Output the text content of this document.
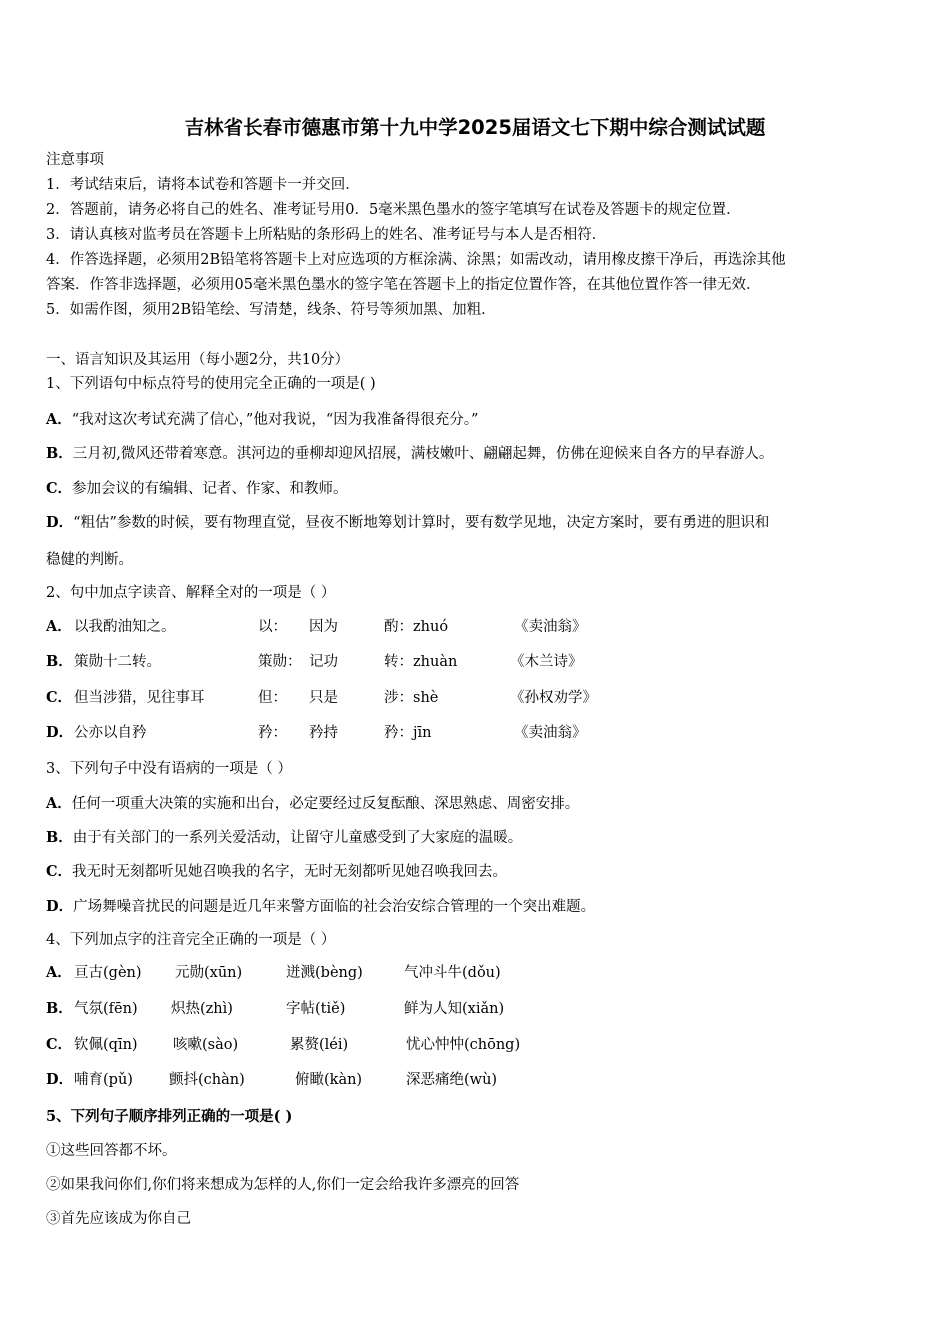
吉林省长春市德惠市第十九中学2025届语文七下期中综合测试试题
注意事项
1．考试结束后，请将本试卷和答题卡一并交回．
2．答题前，请务必将自己的姓名、准考证号用0．5毫米黑色墨水的签字笔填写在试卷及答题卡的规定位置．
3．请认真核对监考员在答题卡上所粘贴的条形码上的姓名、准考证号与本人是否相符．
4．作答选择题，必须用2B铅笔将答题卡上对应选项的方框涂满、涂黑；如需改动，请用橡皮擦干净后，再选涂其他
答案．作答非选择题，必须用05毫米黑色墨水的签字笔在答题卡上的指定位置作答，在其他位置作答一律无效．
5．如需作图，须用2B铅笔绘、写清楚，线条、符号等须加黑、加粗．
一、语言知识及其运用（每小题2分，共10分）
1、下列语句中标点符号的使用完全正确的一项是( )
A．“我对这次考试充满了信心，”他对我说，“因为我准备得很充分。”
B．三月初,微风还带着寒意。淇河边的垂柳却迎风招展，满枝嫩叶、翩翩起舞，仿佛在迎候来自各方的早春游人。
C．参加会议的有编辑、记者、作家、和教师。
D．“粗估”参数的时候，要有物理直觉，昼夜不断地筹划计算时，要有数学见地，决定方案时，要有勇进的胆识和
稳健的判断。
2、句中加点字读音、解释全对的一项是（ ）
A． 以我酌油知之。	以： 因为	酌：zhuó	《卖油翁》
B． 策勋十二转。	策勋： 记功	转：zhuàn	《木兰诗》
C． 但当涉猎，见往事耳	但： 只是	涉：shè	《孙权劝学》
D． 公亦以自矜	矜： 矜持	矜：jīn	《卖油翁》
3、下列句子中没有语病的一项是（ ）
A．任何一项重大决策的实施和出台，必定要经过反复酝酿、深思熟虑、周密安排。
B．由于有关部门的一系列关爱活动，让留守儿童感受到了大家庭的温暖。
C．我无时无刻都听见她召唤我的名字，无时无刻都听见她召唤我回去。
D．广场舞噪音扰民的问题是近几年来警方面临的社会治安综合管理的一个突出难题。
4、下列加点字的注音完全正确的一项是（ ）
A． 亘古(gèn) 元勋(xūn)	迸溅(bèng)	气冲斗牛(dǒu)
B． 气氛(fēn) 炽热(zhì)	字帖(tiě)	鲜为人知(xiǎn)
C． 钦佩(qīn) 咳嗽(sào)	累赘(léi)	忧心忡忡(chōng)
D． 哺育(pǔ) 颤抖(chàn)	俯瞰(kàn)	深恶痛绝(wù)
5、下列句子顺序排列正确的一项是( )
①这些回答都不坏。
②如果我问你们,你们将来想成为怎样的人,你们一定会给我许多漂亮的回答
③首先应该成为你自己
